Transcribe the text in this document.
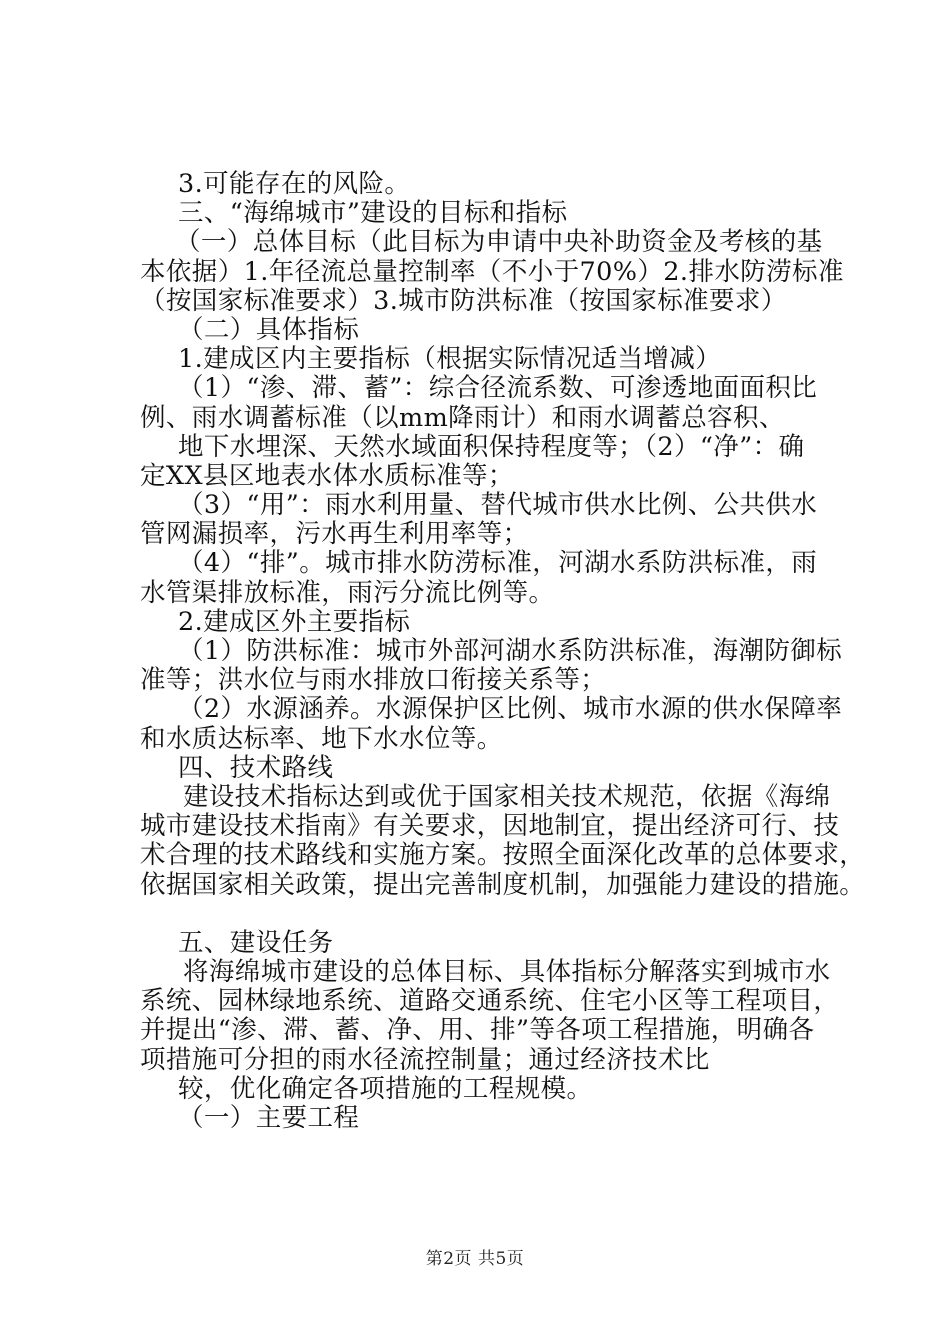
3.可能存在的风险。
三、“海绵城市”建设的目标和指标
（一）总体目标（此目标为申请中央补助资金及考核的基
本依据）1.年径流总量控制率（不小于70%）2.排水防涝标准
（按国家标准要求）3.城市防洪标准（按国家标准要求）
（二）具体指标
1.建成区内主要指标（根据实际情况适当增减）
（1）“渗、滞、蓄”：综合径流系数、可渗透地面面积比
例、雨水调蓄标准（以mm降雨计）和雨水调蓄总容积、
地下水埋深、天然水域面积保持程度等；（2）“净”：确
定XX县区地表水体水质标准等；
（3）“用”：雨水利用量、替代城市供水比例、公共供水
管网漏损率，污水再生利用率等；
（4）“排”。城市排水防涝标准，河湖水系防洪标准，雨
水管渠排放标准，雨污分流比例等。
2.建成区外主要指标
（1）防洪标准：城市外部河湖水系防洪标准，海潮防御标
准等；洪水位与雨水排放口衔接关系等；
（2）水源涵养。水源保护区比例、城市水源的供水保障率
和水质达标率、地下水水位等。
四、技术路线
建设技术指标达到或优于国家相关技术规范，依据《海绵
城市建设技术指南》有关要求，因地制宜，提出经济可行、技
术合理的技术路线和实施方案。按照全面深化改革的总体要求，
依据国家相关政策，提出完善制度机制，加强能力建设的措施。
五、建设任务
将海绵城市建设的总体目标、具体指标分解落实到城市水
系统、园林绿地系统、道路交通系统、住宅小区等工程项目，
并提出“渗、滞、蓄、净、用、排”等各项工程措施，明确各
项措施可分担的雨水径流控制量；通过经济技术比
较，优化确定各项措施的工程规模。
（一）主要工程
第2页 共5页
